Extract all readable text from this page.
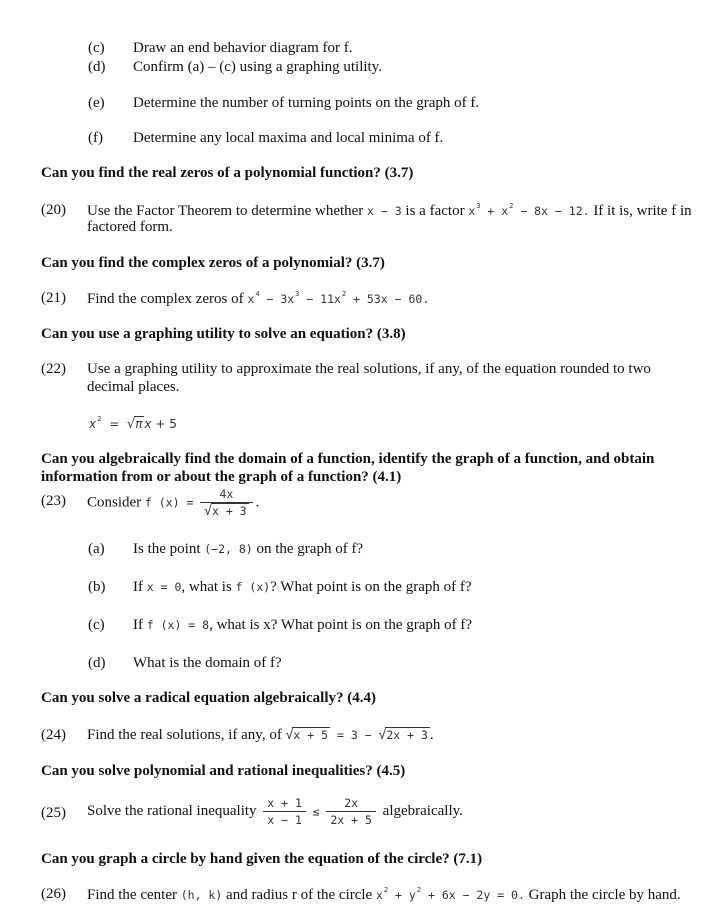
(c) Draw an end behavior diagram for f.
(d) Confirm (a) – (c) using a graphing utility.
(e) Determine the number of turning points on the graph of f.
(f) Determine any local maxima and local minima of f.
Can you find the real zeros of a polynomial function? (3.7)
(20) Use the Factor Theorem to determine whether x − 3 is a factor $x^3 + x^2 - 8x - 12$. If it is, write f in
factored form.
Can you find the complex zeros of a polynomial? (3.7)
(21) Find the complex zeros of $x^4 - 3x^3 - 11x^2 + 53x - 60$.
Can you use a graphing utility to solve an equation? (3.8)
(22) Use a graphing utility to approximate the real solutions, if any, of the equation rounded to two
decimal places.
$x^2 = √\pi$ x + 5
Can you algebraically find the domain of a function, identify the graph of a function, and obtain
information from or about the graph of a function? (4.1)
(23) Consider f $(x) = \frac{4x}{√x + 3}$ .
(a) Is the point (−2, 8) on the graph of f?
(b) If x = 0, what is f (x)? What point is on the graph of f?
(c) If f (x) = 8, what is x? What point is on the graph of f?
(d) What is the domain of f?
Can you solve a radical equation algebraically? (4.4)
(24) Find the real solutions, if any, of √x + 5 = 3 − √2x + 3 .
Can you solve polynomial and rational inequalities? (4.5)
(25) Solve the rational inequality $\frac{x + 1}{x - 1} \le \frac{2x}{2x + 5}$ algebraically.
Can you graph a circle by hand given the equation of the circle? (7.1)
(26) Find the center (h, k) and radius r of the circle $x^2 + y^2 + 6x - 2y = 0$. Graph the circle by hand.
